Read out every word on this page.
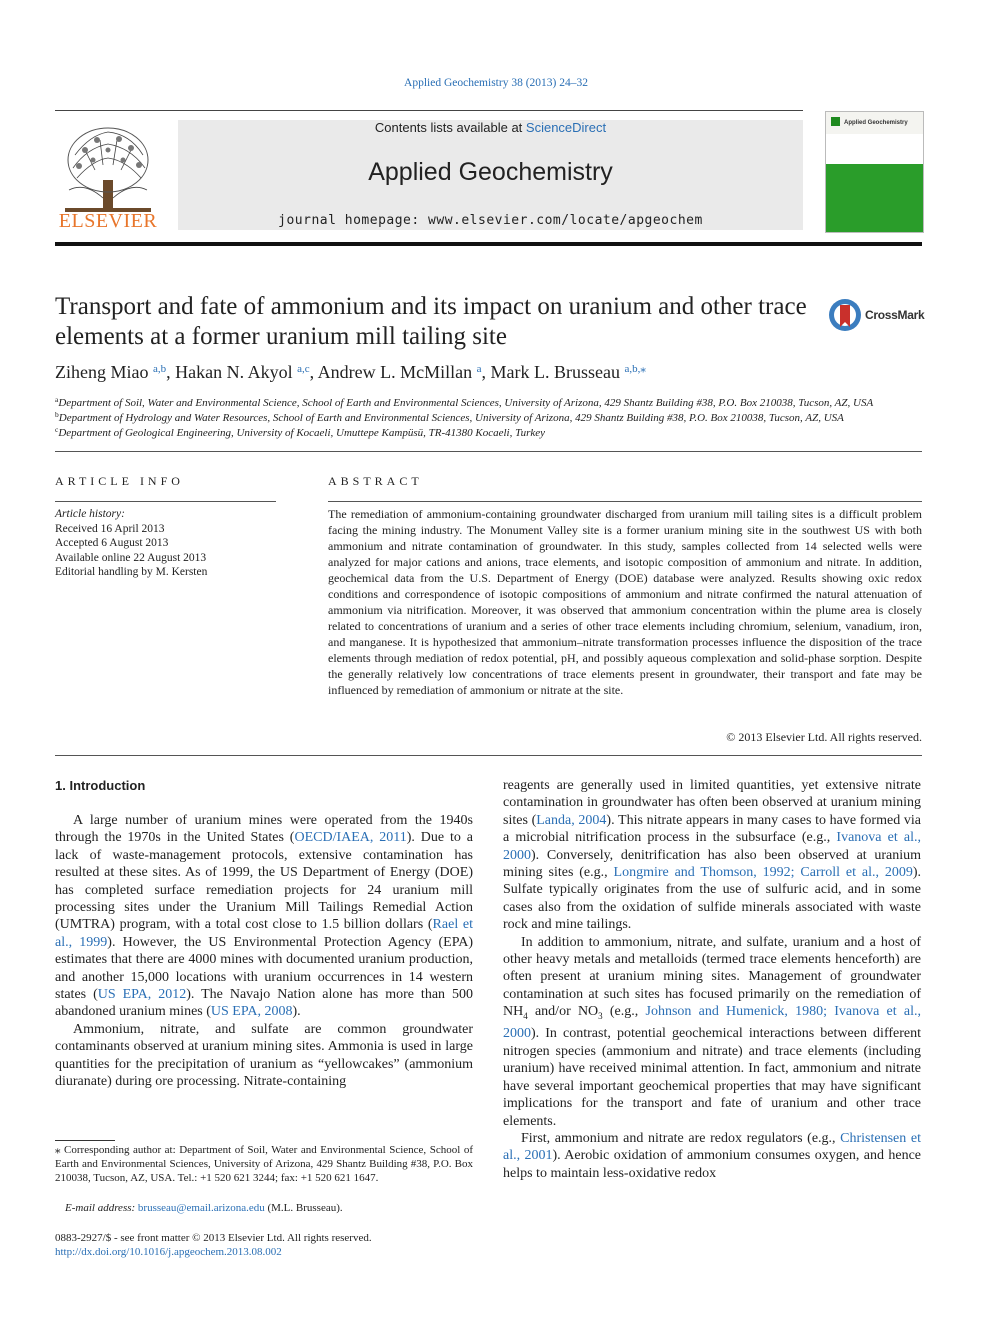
Applied Geochemistry 38 (2013) 24–32
ELSEVIER
Contents lists available at ScienceDirect
Applied Geochemistry
journal homepage: www.elsevier.com/locate/apgeochem
Applied Geochemistry
Transport and fate of ammonium and its impact on uranium and other trace elements at a former uranium mill tailing site
CrossMark
Ziheng Miao $^{a,b}$, Hakan N. Akyol $^{a,c}$, Andrew L. McMillan $^a$, Mark L. Brusseau $^{a,b,⁎}$
$^a$Department of Soil, Water and Environmental Science, School of Earth and Environmental Sciences, University of Arizona, 429 Shantz Building #38, P.O. Box 210038, Tucson, AZ, USA
$^b$Department of Hydrology and Water Resources, School of Earth and Environmental Sciences, University of Arizona, 429 Shantz Building #38, P.O. Box 210038, Tucson, AZ, USA
$^c$Department of Geological Engineering, University of Kocaeli, Umuttepe Kampüsü, TR-41380 Kocaeli, Turkey
ARTICLE INFO
Article history:
Received 16 April 2013
Accepted 6 August 2013
Available online 22 August 2013
Editorial handling by M. Kersten
ABSTRACT
The remediation of ammonium-containing groundwater discharged from uranium mill tailing sites is a difficult problem facing the mining industry. The Monument Valley site is a former uranium mining site in the southwest US with both ammonium and nitrate contamination of groundwater. In this study, samples collected from 14 selected wells were analyzed for major cations and anions, trace elements, and isotopic composition of ammonium and nitrate. In addition, geochemical data from the U.S. Department of Energy (DOE) database were analyzed. Results showing oxic redox conditions and correspondence of isotopic compositions of ammonium and nitrate confirmed the natural attenuation of ammonium via nitrification. Moreover, it was observed that ammonium concentration within the plume area is closely related to concentrations of uranium and a series of other trace elements including chromium, selenium, vanadium, iron, and manganese. It is hypothesized that ammonium–nitrate transformation processes influence the disposition of the trace elements through mediation of redox potential, pH, and possibly aqueous complexation and solid-phase sorption. Despite the generally relatively low concentrations of trace elements present in groundwater, their transport and fate may be influenced by remediation of ammonium or nitrate at the site.
© 2013 Elsevier Ltd. All rights reserved.
1. Introduction

A large number of uranium mines were operated from the 1940s through the 1970s in the United States (OECD/IAEA, 2011). Due to a lack of waste-management protocols, extensive contamination has resulted at these sites. As of 1999, the US Department of Energy (DOE) has completed surface remediation projects for 24 uranium mill processing sites under the Uranium Mill Tailings Remedial Action (UMTRA) program, with a total cost close to 1.5 billion dollars (Rael et al., 1999). However, the US Environmental Protection Agency (EPA) estimates that there are 4000 mines with documented uranium production, and another 15,000 locations with uranium occurrences in 14 western states (US EPA, 2012). The Navajo Nation alone has more than 500 abandoned uranium mines (US EPA, 2008).

Ammonium, nitrate, and sulfate are common groundwater contaminants observed at uranium mining sites. Ammonia is used in large quantities for the precipitation of uranium as “yellowcakes” (ammonium diuranate) during ore processing. Nitrate-containing

reagents are generally used in limited quantities, yet extensive nitrate contamination in groundwater has often been observed at uranium mining sites (Landa, 2004). This nitrate appears in many cases to have formed via a microbial nitrification process in the subsurface (e.g., Ivanova et al., 2000). Conversely, denitrification has also been observed at uranium mining sites (e.g., Longmire and Thomson, 1992; Carroll et al., 2009). Sulfate typically originates from the use of sulfuric acid, and in some cases also from the oxidation of sulfide minerals associated with waste rock and mine tailings.

In addition to ammonium, nitrate, and sulfate, uranium and a host of other heavy metals and metalloids (termed trace elements henceforth) are often present at uranium mining sites. Management of groundwater contamination at such sites has focused primarily on the remediation of $NH_4$ and/or $NO_3$ (e.g., Johnson and Humenick, 1980; Ivanova et al., 2000). In contrast, potential geochemical interactions between different nitrogen species (ammonium and nitrate) and trace elements (including uranium) have received minimal attention. In fact, ammonium and nitrate have several important geochemical properties that may have significant implications for the transport and fate of uranium and other trace elements.

First, ammonium and nitrate are redox regulators (e.g., Christensen et al., 2001). Aerobic oxidation of ammonium consumes oxygen, and hence helps to maintain less-oxidative redox

⁎ Corresponding author at: Department of Soil, Water and Environmental Science, School of Earth and Environmental Sciences, University of Arizona, 429 Shantz Building #38, P.O. Box 210038, Tucson, AZ, USA. Tel.: +1 520 621 3244; fax: +1 520 621 1647.
E-mail address: brusseau@email.arizona.edu (M.L. Brusseau).
0883-2927/$ - see front matter © 2013 Elsevier Ltd. All rights reserved.
http://dx.doi.org/10.1016/j.apgeochem.2013.08.002
